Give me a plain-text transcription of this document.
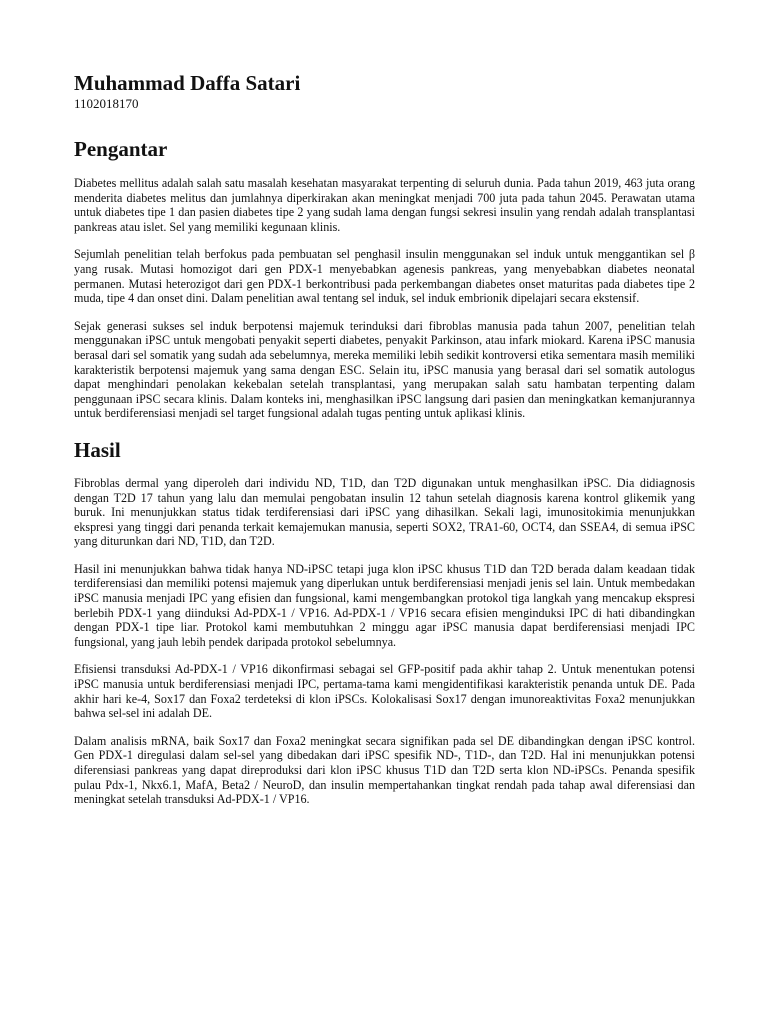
Muhammad Daffa Satari

1102018170

Pengantar

Diabetes mellitus adalah salah satu masalah kesehatan masyarakat terpenting di seluruh dunia. Pada tahun 2019, 463 juta orang menderita diabetes melitus dan jumlahnya diperkirakan akan meningkat menjadi 700 juta pada tahun 2045. Perawatan utama untuk diabetes tipe 1 dan pasien diabetes tipe 2 yang sudah lama dengan fungsi sekresi insulin yang rendah adalah transplantasi pankreas atau islet. Sel yang memiliki kegunaan klinis.

Sejumlah penelitian telah berfokus pada pembuatan sel penghasil insulin menggunakan sel induk untuk menggantikan sel β yang rusak. Mutasi homozigot dari gen PDX-1 menyebabkan agenesis pankreas, yang menyebabkan diabetes neonatal permanen. Mutasi heterozigot dari gen PDX-1 berkontribusi pada perkembangan diabetes onset maturitas pada diabetes tipe 2 muda, tipe 4 dan onset dini. Dalam penelitian awal tentang sel induk, sel induk embrionik dipelajari secara ekstensif.

Sejak generasi sukses sel induk berpotensi majemuk terinduksi dari fibroblas manusia pada tahun 2007, penelitian telah menggunakan iPSC untuk mengobati penyakit seperti diabetes, penyakit Parkinson, atau infark miokard. Karena iPSC manusia berasal dari sel somatik yang sudah ada sebelumnya, mereka memiliki lebih sedikit kontroversi etika sementara masih memiliki karakteristik berpotensi majemuk yang sama dengan ESC. Selain itu, iPSC manusia yang berasal dari sel somatik autologus dapat menghindari penolakan kekebalan setelah transplantasi, yang merupakan salah satu hambatan terpenting dalam penggunaan iPSC secara klinis. Dalam konteks ini, menghasilkan iPSC langsung dari pasien dan meningkatkan kemanjurannya untuk berdiferensiasi menjadi sel target fungsional adalah tugas penting untuk aplikasi klinis.

Hasil

Fibroblas dermal yang diperoleh dari individu ND, T1D, dan T2D digunakan untuk menghasilkan iPSC. Dia didiagnosis dengan T2D 17 tahun yang lalu dan memulai pengobatan insulin 12 tahun setelah diagnosis karena kontrol glikemik yang buruk. Ini menunjukkan status tidak terdiferensiasi dari iPSC yang dihasilkan. Sekali lagi, imunositokimia menunjukkan ekspresi yang tinggi dari penanda terkait kemajemukan manusia, seperti SOX2, TRA1-60, OCT4, dan SSEA4, di semua iPSC yang diturunkan dari ND, T1D, dan T2D.

Hasil ini menunjukkan bahwa tidak hanya ND-iPSC tetapi juga klon iPSC khusus T1D dan T2D berada dalam keadaan tidak terdiferensiasi dan memiliki potensi majemuk yang diperlukan untuk berdiferensiasi menjadi jenis sel lain. Untuk membedakan iPSC manusia menjadi IPC yang efisien dan fungsional, kami mengembangkan protokol tiga langkah yang mencakup ekspresi berlebih PDX-1 yang diinduksi Ad-PDX-1 / VP16. Ad-PDX-1 / VP16 secara efisien menginduksi IPC di hati dibandingkan dengan PDX-1 tipe liar. Protokol kami membutuhkan 2 minggu agar iPSC manusia dapat berdiferensiasi menjadi IPC fungsional, yang jauh lebih pendek daripada protokol sebelumnya.

Efisiensi transduksi Ad-PDX-1 / VP16 dikonfirmasi sebagai sel GFP-positif pada akhir tahap 2. Untuk menentukan potensi iPSC manusia untuk berdiferensiasi menjadi IPC, pertama-tama kami mengidentifikasi karakteristik penanda untuk DE. Pada akhir hari ke-4, Sox17 dan Foxa2 terdeteksi di klon iPSCs. Kolokalisasi Sox17 dengan imunoreaktivitas Foxa2 menunjukkan bahwa sel-sel ini adalah DE.

Dalam analisis mRNA, baik Sox17 dan Foxa2 meningkat secara signifikan pada sel DE dibandingkan dengan iPSC kontrol. Gen PDX-1 diregulasi dalam sel-sel yang dibedakan dari iPSC spesifik ND-, T1D-, dan T2D. Hal ini menunjukkan potensi diferensiasi pankreas yang dapat direproduksi dari klon iPSC khusus T1D dan T2D serta klon ND-iPSCs. Penanda spesifik pulau Pdx-1, Nkx6.1, MafA, Beta2 / NeuroD, dan insulin mempertahankan tingkat rendah pada tahap awal diferensiasi dan meningkat setelah transduksi Ad-PDX-1 / VP16.
